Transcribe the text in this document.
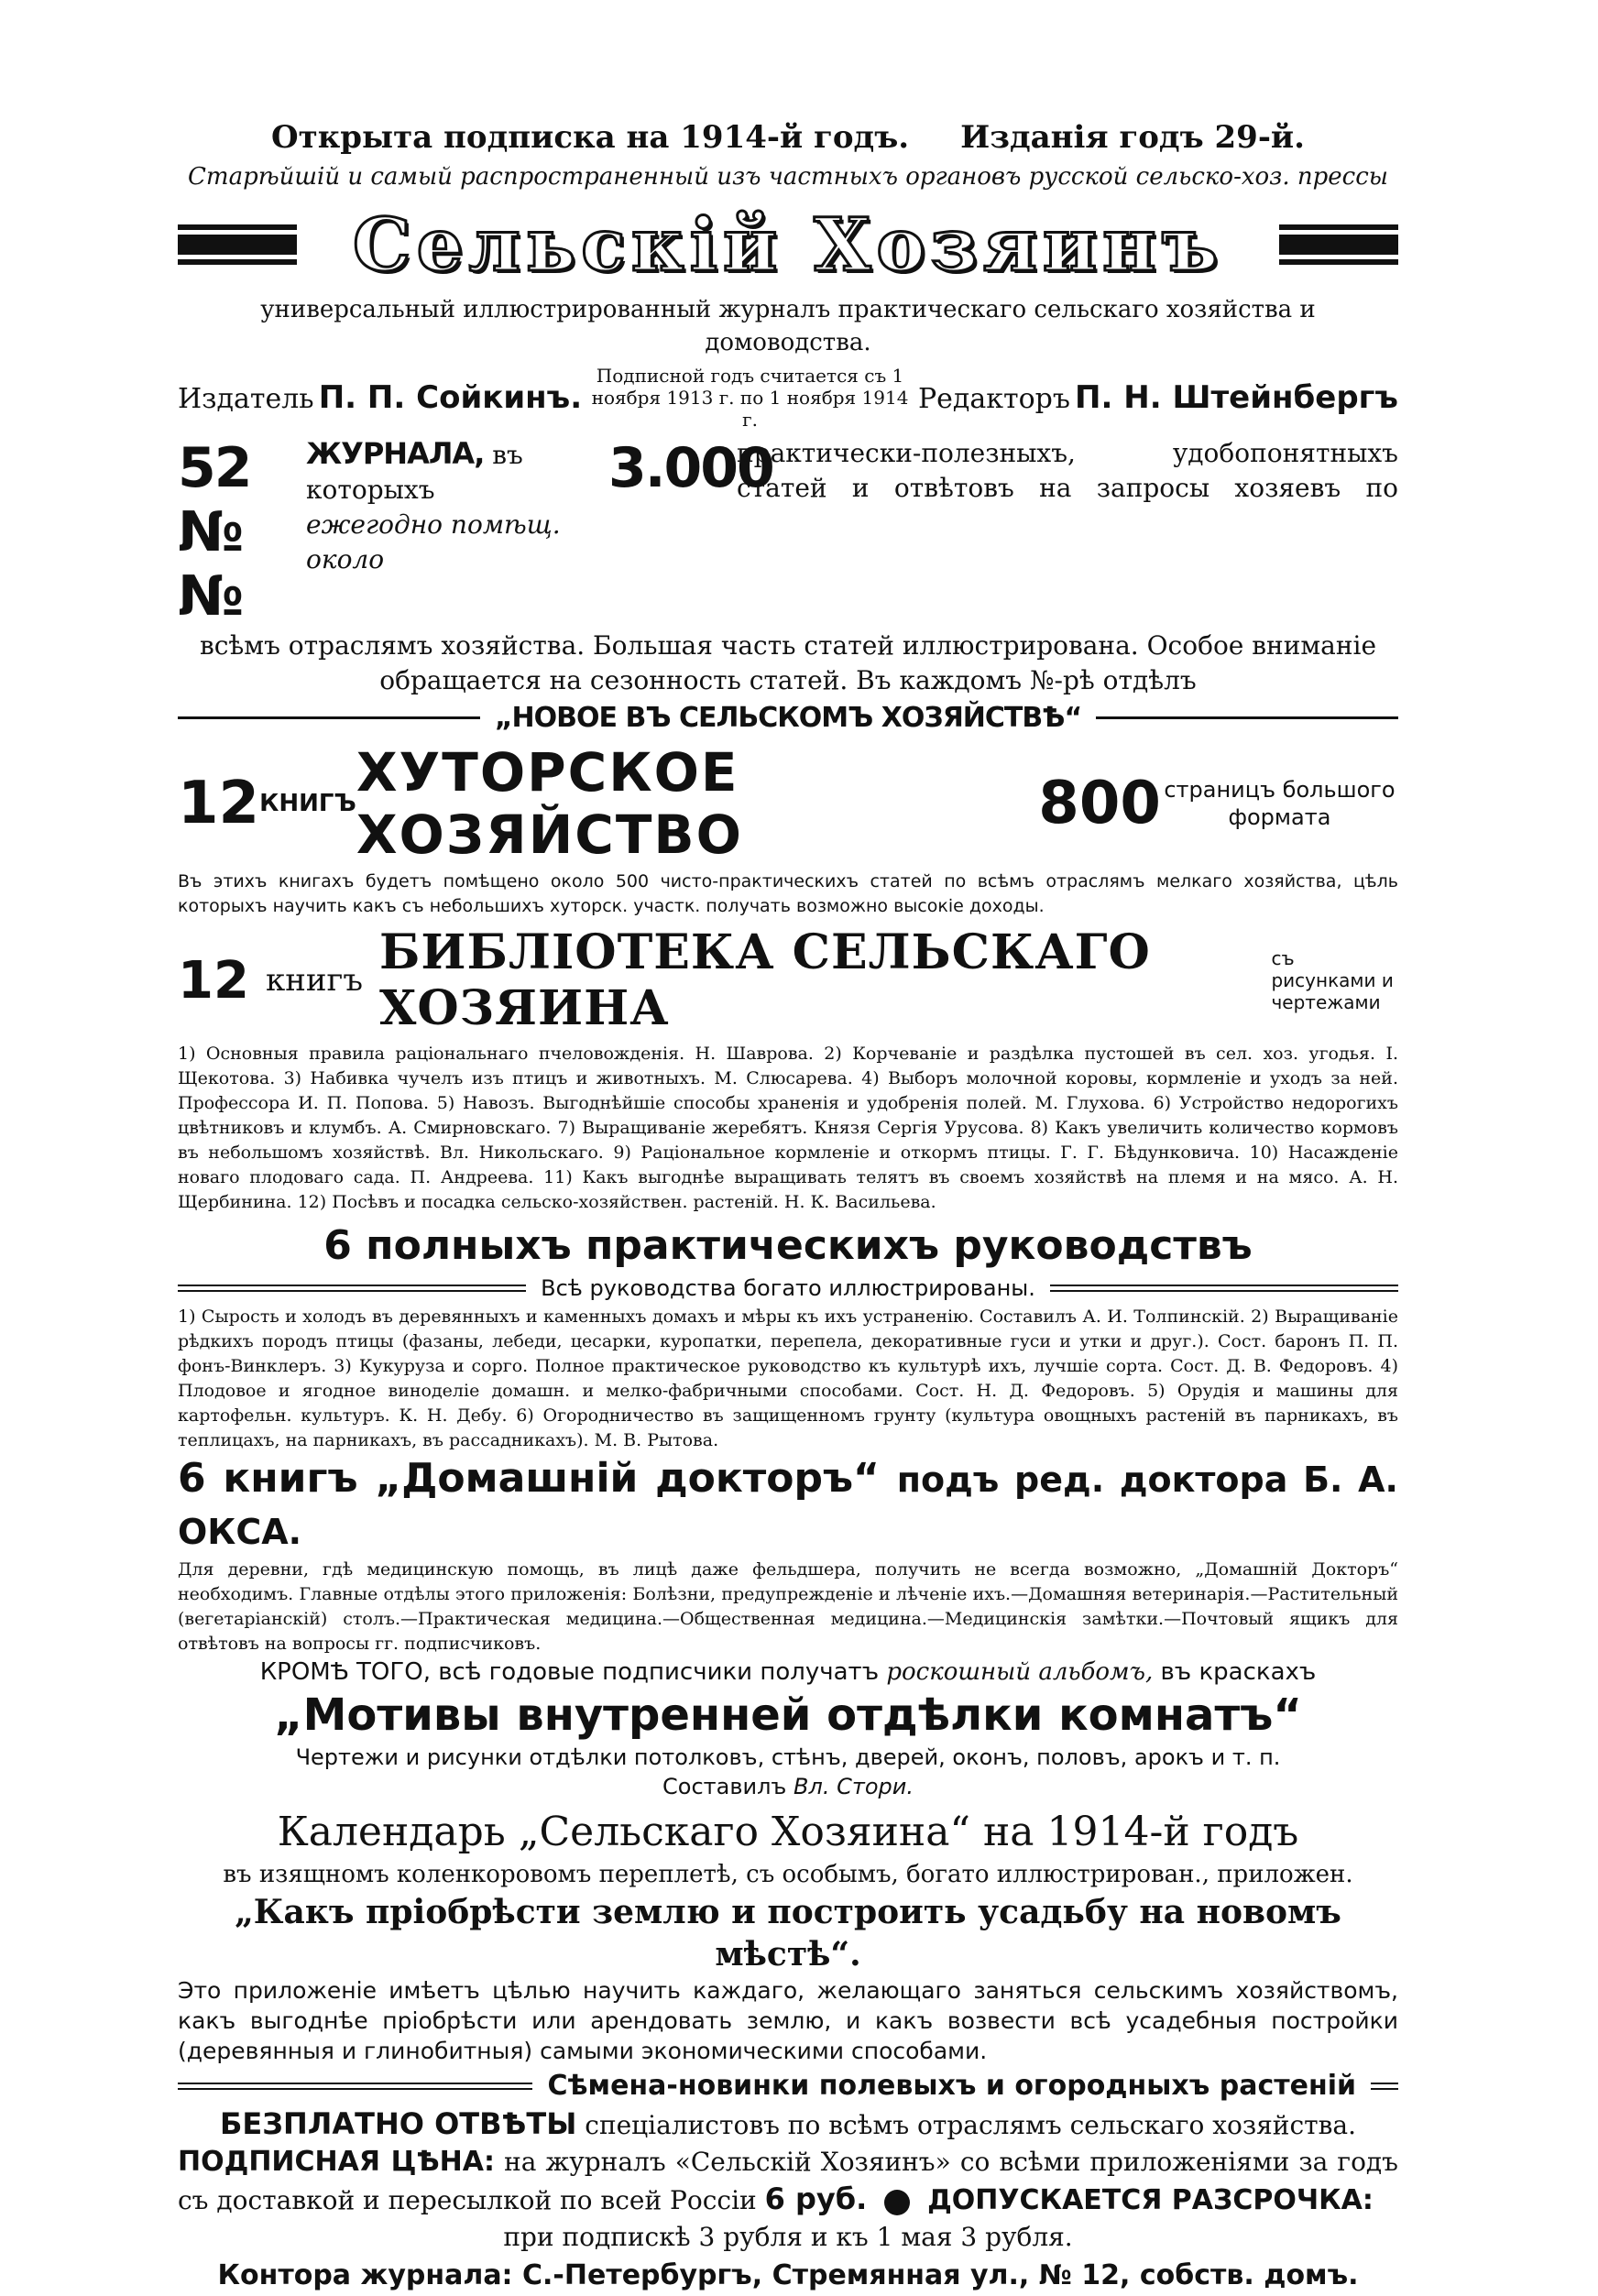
Открыта подписка на 1914-й годъ. Изданія годъ 29-й.
Старѣйшій и самый распространенный изъ частныхъ органовъ русской сельско-хоз. прессы
Сельскій Хозяинъ
универсальный иллюстрированный журналъ практическаго сельскаго хозяйства и домоводства.
Издатель П. П. Сойкинъ.
Подписной годъ считается съ 1 ноября 1913 г. по 1 ноября 1914 г.
Редакторъ П. Н. Штейнбергъ
52 №№
ЖУРНАЛА, въ которыхъ
ежегодно помѣщ. около
3.000
практически-полезныхъ, удобопонятныхъ
статей и отвѣтовъ на запросы хозяевъ по
всѣмъ отраслямъ хозяйства. Большая часть статей иллюстрирована. Особое вниманіе обращается на сезонность статей. Въ каждомъ №-рѣ отдѣлъ
„НОВОЕ ВЪ СЕЛЬСКОМЪ ХОЗЯЙСТВѢ“
$12^{КНИГЪ}$ ХУТОРСКОЕ ХОЗЯЙСТВО	800 страницъ большого формата
Въ этихъ книгахъ будетъ помѣщено около 500 чисто-практическихъ статей по всѣмъ отраслямъ мелкаго хозяйства, цѣль которыхъ научить какъ съ небольшихъ хуторск. участк. получать возможно высокіе доходы.
12 книгъ БИБЛІОТЕКА СЕЛЬСКАГО ХОЗЯИНА
съ рисунками и чертежами
1) Основныя правила раціональнаго пчеловожденія. Н. Шаврова. 2) Корчеваніе и раздѣлка пустошей въ сел. хоз. угодья. I. Щекотова. 3) Набивка чучелъ изъ птицъ и животныхъ. М. Слюсарева. 4) Выборъ молочной коровы, кормленіе и уходъ за ней. Профессора И. П. Попова. 5) Навозъ. Выгоднѣйшіе способы храненія и удобренія полей. М. Глухова. 6) Устройство недорогихъ цвѣтниковъ и клумбъ. А. Смирновскаго. 7) Выращиваніе жеребятъ. Князя Сергія Урусова. 8) Какъ увеличить количество кормовъ въ небольшомъ хозяйствѣ. Вл. Никольскаго. 9) Раціональное кормленіе и откормъ птицы. Г. Г. Бѣдунковича. 10) Насажденіе новаго плодоваго сада. П. Андреева. 11) Какъ выгоднѣе выращивать телятъ въ своемъ хозяйствѣ на племя и на мясо. А. Н. Щербинина. 12) Посѣвъ и посадка сельско-хозяйствен. растеній. Н. К. Васильева.
6 полныхъ практическихъ руководствъ
Всѣ руководства богато иллюстрированы.
1) Сырость и холодъ въ деревянныхъ и каменныхъ домахъ и мѣры къ ихъ устраненію. Составилъ А. И. Толпинскій. 2) Выращиваніе рѣдкихъ породъ птицы (фазаны, лебеди, цесарки, куропатки, перепела, декоративные гуси и утки и друг.). Сост. баронъ П. П. фонъ-Винклеръ. 3) Кукуруза и сорго. Полное практическое руководство къ культурѣ ихъ, лучшіе сорта. Сост. Д. В. Федоровъ. 4) Плодовое и ягодное виноделіе домашн. и мелко-фабричными способами. Сост. Н. Д. Федоровъ. 5) Орудія и машины для картофельн. культуръ. К. Н. Дебу. 6) Огородничество въ защищенномъ грунту (культура овощныхъ растеній въ парникахъ, въ теплицахъ, на парникахъ, въ рассадникахъ). М. В. Рытова.
6 книгъ „Домашній докторъ“ подъ ред. доктора Б. А. ОКСА.
Для деревни, гдѣ медицинскую помощь, въ лицѣ даже фельдшера, получить не всегда возможно, „Домашній Докторъ“ необходимъ. Главные отдѣлы этого приложенія: Болѣзни, предупрежденіе и лѣченіе ихъ.—Домашняя ветеринарія.—Растительный (вегетаріанскій) столъ.—Практическая медицина.—Общественная медицина.—Медицинскія замѣтки.—Почтовый ящикъ для отвѣтовъ на вопросы гг. подписчиковъ.
КРОМѢ ТОГО, всѣ годовые подписчики получатъ роскошный альбомъ, въ краскахъ
„Мотивы внутренней отдѣлки комнатъ“
Чертежи и рисунки отдѣлки потолковъ, стѣнъ, дверей, оконъ, половъ, арокъ и т. п.
Составилъ Вл. Стори.
Календарь „Сельскаго Хозяина“ на 1914-й годъ
въ изящномъ коленкоровомъ переплетѣ, съ особымъ, богато иллюстрирован., приложен.
„Какъ пріобрѣсти землю и построить усадьбу на новомъ мѣстѣ“.
Это приложеніе имѣетъ цѣлью научить каждаго, желающаго заняться сельскимъ хозяйствомъ, какъ выгоднѣе пріобрѣсти или арендовать землю, и какъ возвести всѣ усадебныя постройки (деревянныя и глинобитныя) самыми экономическими способами.
Сѣмена-новинки полевыхъ и огородныхъ растеній
БЕЗПЛАТНО ОТВѢТЫ спеціалистовъ по всѣмъ отраслямъ сельскаго хозяйства.
ПОДПИСНАЯ ЦѢНА: на журналъ «Сельскій Хозяинъ» со всѣми приложеніями за годъ съ доставкой и пересылкой по всей Россіи 6 руб. ДОПУСКАЕТСЯ РАЗСРОЧКА:
при подпискѣ 3 рубля и къ 1 мая 3 рубля.
Контора журнала: С.-Петербургъ, Стремянная ул., № 12, собств. домъ.
